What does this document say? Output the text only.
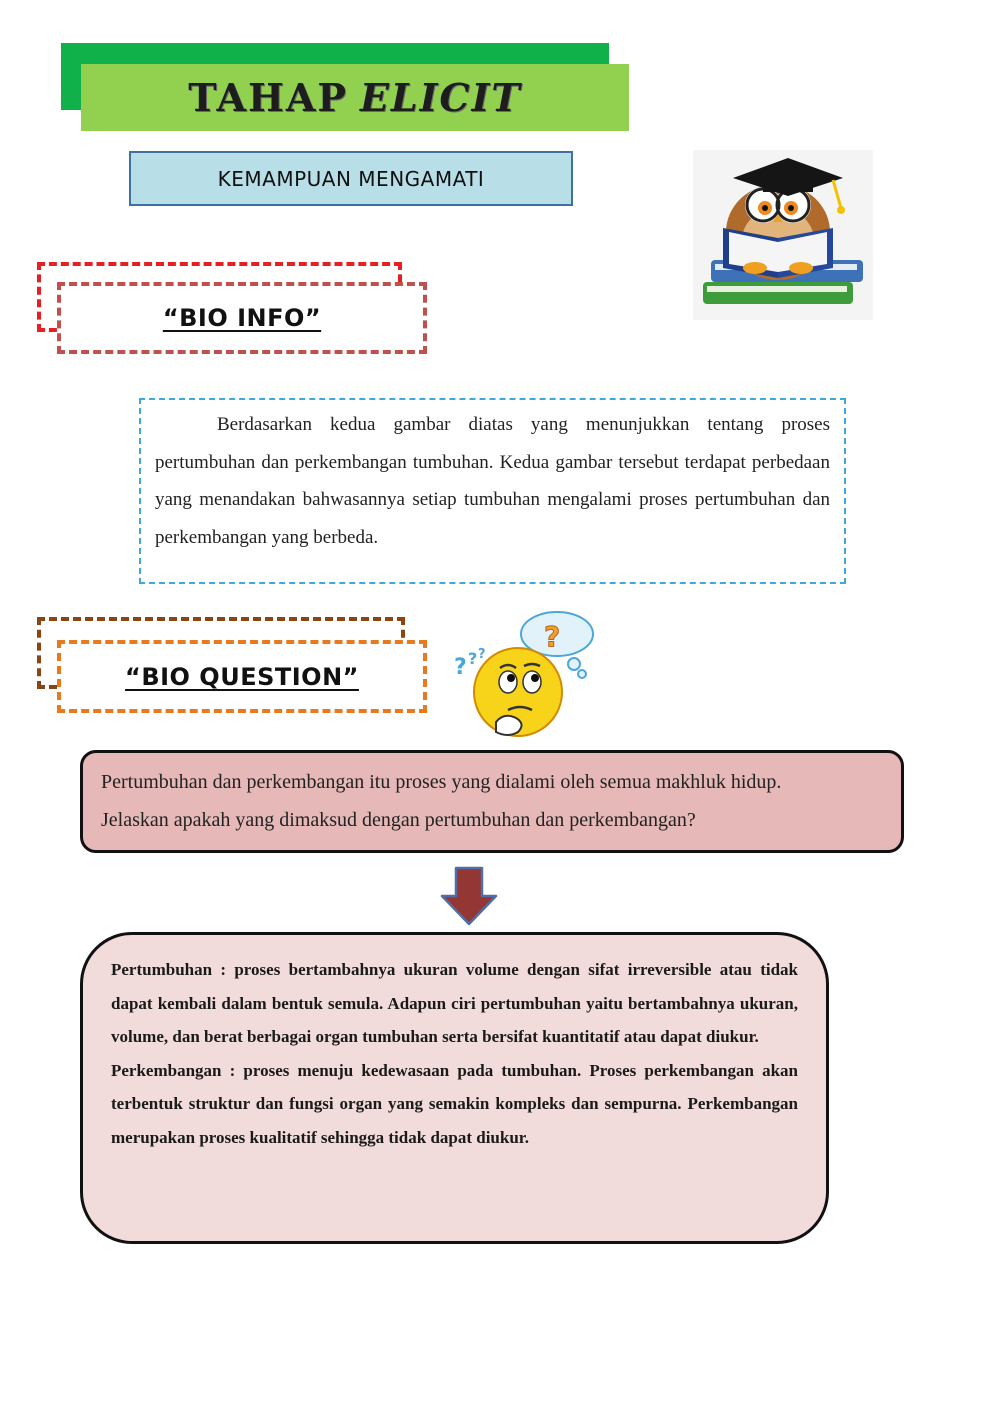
TAHAP ELICIT
KEMAMPUAN MENGAMATI
“BIO INFO”

Berdasarkan kedua gambar diatas yang menunjukkan tentang proses pertumbuhan dan perkembangan tumbuhan. Kedua gambar tersebut terdapat perbedaan yang menandakan bahwasannya setiap tumbuhan mengalami proses pertumbuhan dan perkembangan yang berbeda.

“BIO QUESTION”
?
? ? ?

Pertumbuhan dan perkembangan itu proses yang dialami oleh semua makhluk hidup.

Jelaskan apakah yang dimaksud dengan pertumbuhan dan perkembangan?

Pertumbuhan : proses bertambahnya ukuran volume dengan sifat irreversible atau tidak dapat kembali dalam bentuk semula. Adapun ciri pertumbuhan yaitu bertambahnya ukuran, volume, dan berat berbagai organ tumbuhan serta bersifat kuantitatif atau dapat diukur.

Perkembangan : proses menuju kedewasaan pada tumbuhan. Proses perkembangan akan terbentuk struktur dan fungsi organ yang semakin kompleks dan sempurna. Perkembangan merupakan proses kualitatif sehingga tidak dapat diukur.
